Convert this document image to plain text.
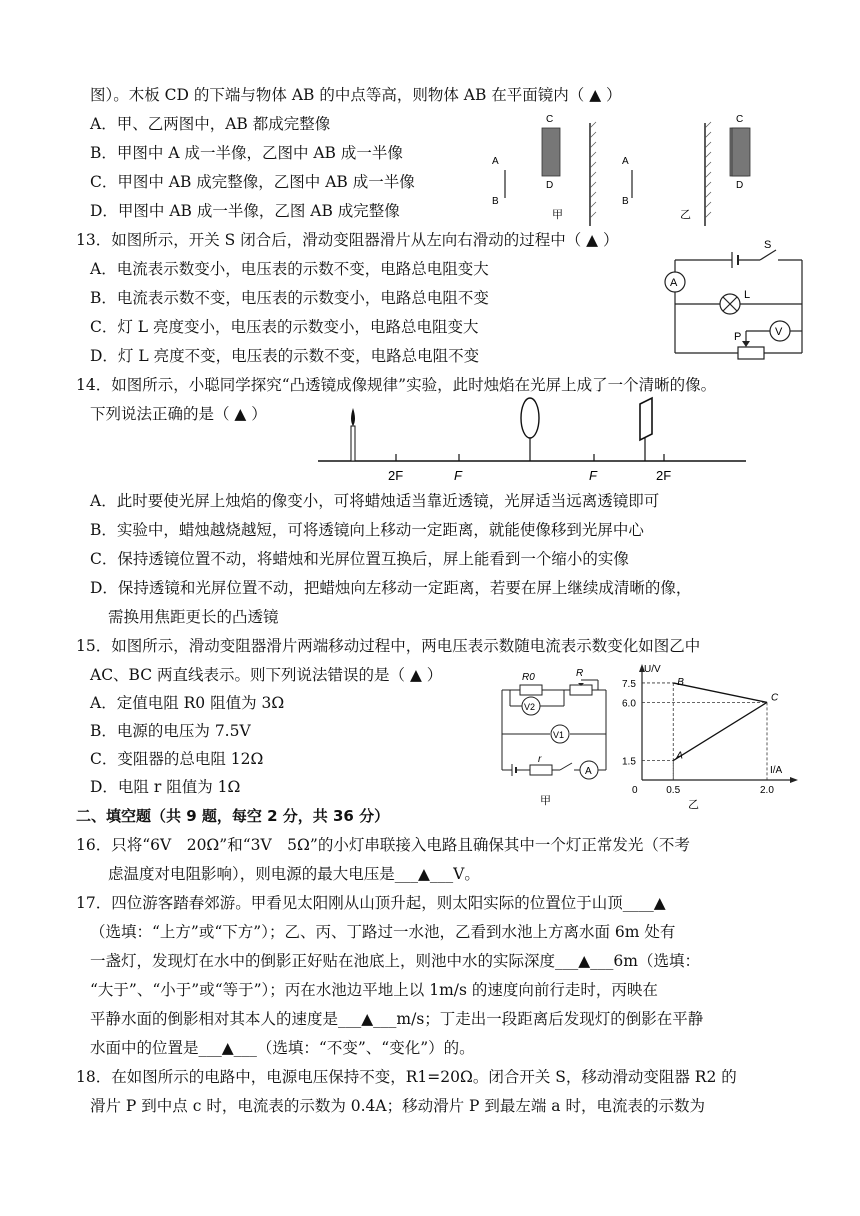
图）。木板 CD 的下端与物体 AB 的中点等高，则物体 AB 在平面镜内（ ▲ ）
A．甲、乙两图中，AB 都成完整像
B．甲图中 A 成一半像，乙图中 AB 成一半像
C．甲图中 AB 成完整像，乙图中 AB 成一半像
D．甲图中 AB 成一半像，乙图 AB 成完整像
13．如图所示，开关 S 闭合后，滑动变阻器滑片从左向右滑动的过程中（ ▲ ）
A．电流表示数变小，电压表的示数不变，电路总电阻变大
B．电流表示数不变，电压表的示数变小，电路总电阻不变
C．灯 L 亮度变小，电压表的示数变小，电路总电阻变大
D．灯 L 亮度不变，电压表的示数不变，电路总电阻不变
14．如图所示，小聪同学探究“凸透镜成像规律”实验，此时烛焰在光屏上成了一个清晰的像。
下列说法正确的是（ ▲ ）
A．此时要使光屏上烛焰的像变小，可将蜡烛适当靠近透镜，光屏适当远离透镜即可
B．实验中，蜡烛越烧越短，可将透镜向上移动一定距离，就能使像移到光屏中心
C．保持透镜位置不动，将蜡烛和光屏位置互换后，屏上能看到一个缩小的实像
D．保持透镜和光屏位置不动，把蜡烛向左移动一定距离，若要在屏上继续成清晰的像，
需换用焦距更长的凸透镜
15．如图所示，滑动变阻器滑片两端移动过程中，两电压表示数随电流表示数变化如图乙中
AC、BC 两直线表示。则下列说法错误的是（ ▲ ）
A．定值电阻 R0 阻值为 3Ω
B．电源的电压为 7.5V
C．变阻器的总电阻 12Ω
D．电阻 r 阻值为 1Ω
二、填空题（共 9 题，每空 2 分，共 36 分）
16．只将“6V　20Ω”和“3V　5Ω”的小灯串联接入电路且确保其中一个灯正常发光（不考
虑温度对电阻影响），则电源的最大电压是___▲___V。
17．四位游客踏春郊游。甲看见太阳刚从山顶升起，则太阳实际的位置位于山顶____▲
（选填：“上方”或“下方”）；乙、丙、丁路过一水池，乙看到水池上方离水面 6m 处有
一盏灯，发现灯在水中的倒影正好贴在池底上，则池中水的实际深度___▲___6m（选填：
“大于”、“小于”或“等于”）；丙在水池边平地上以 1m/s 的速度向前行走时，丙映在
平静水面的倒影相对其本人的速度是___▲___m/s；丁走出一段距离后发现灯的倒影在平静
水面中的位置是___▲___（选填：“不变”、“变化”）的。
18．在如图所示的电路中，电源电压保持不变，R1=20Ω。闭合开关 S，移动滑动变阻器 R2 的
滑片 P 到中点 c 时，电流表的示数为 0.4A；移动滑片 P 到最左端 a 时，电流表的示数为
A
B
C
D
甲
A
B
乙
C
D
A
S
L
V
P
2F	F	F	2F
R0	R
V2
V1
r
A
甲
U/V
I/A
A
B
C
1.5
6.0
7.5
0	0.5	2.0
乙
